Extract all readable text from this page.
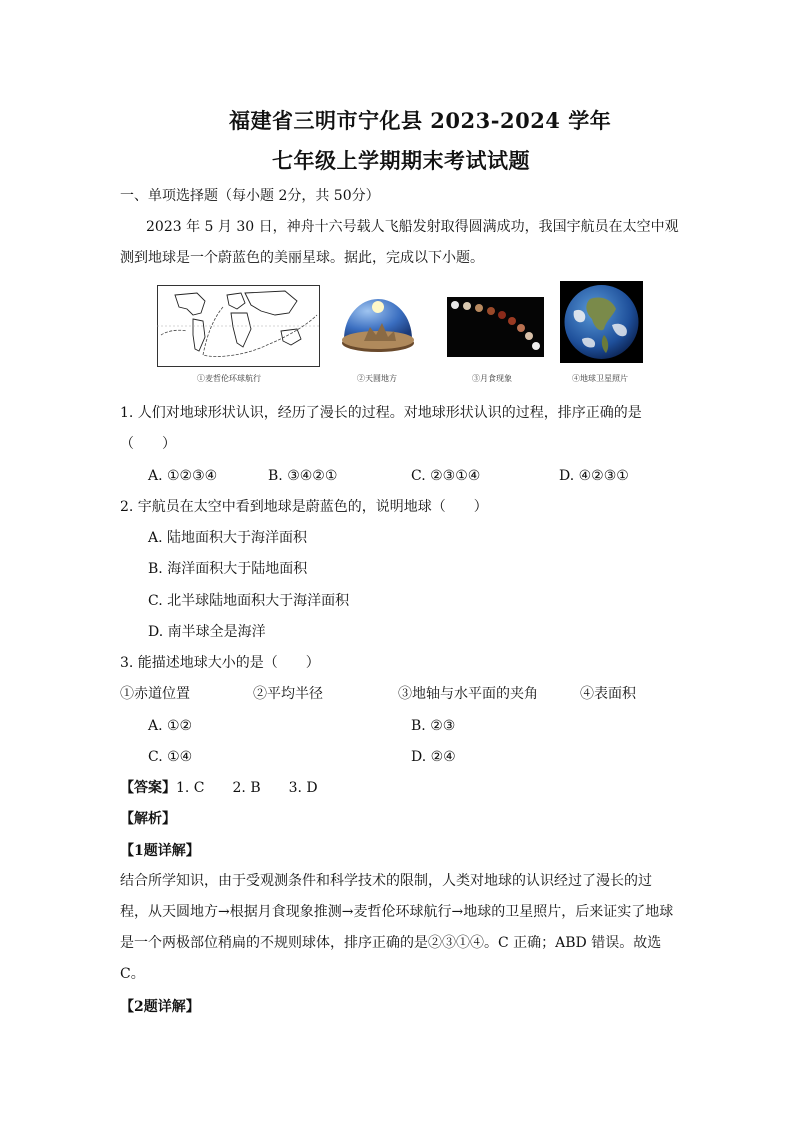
福建省三明市宁化县 2023-2024 学年
七年级上学期期末考试试题
一、单项选择题（每小题 2分，共 50分）
2023 年 5 月 30 日，神舟十六号载人飞船发射取得圆满成功，我国宇航员在太空中观
测到地球是一个蔚蓝色的美丽星球。据此，完成以下小题。
①麦哲伦环球航行	②天圆地方	③月食现象	④地球卫星照片
1. 人们对地球形状认识，经历了漫长的过程。对地球形状认识的过程，排序正确的是
（　　）
A. ①②③④	B. ③④②①	C. ②③①④	D. ④②③①
2. 宇航员在太空中看到地球是蔚蓝色的，说明地球（　　）
A. 陆地面积大于海洋面积
B. 海洋面积大于陆地面积
C. 北半球陆地面积大于海洋面积
D. 南半球全是海洋
3. 能描述地球大小的是（　　）
①赤道位置	②平均半径	③地轴与水平面的夹角	④表面积
A. ①②	B. ②③
C. ①④	D. ②④
【答案】1. C　　2. B　　3. D
【解析】
【1题详解】
结合所学知识，由于受观测条件和科学技术的限制，人类对地球的认识经过了漫长的过程，从天圆地方→根据月食现象推测→麦哲伦环球航行→地球的卫星照片，后来证实了地球是一个两极部位稍扁的不规则球体，排序正确的是②③①④。C 正确；ABD 错误。故选 C。
【2题详解】
